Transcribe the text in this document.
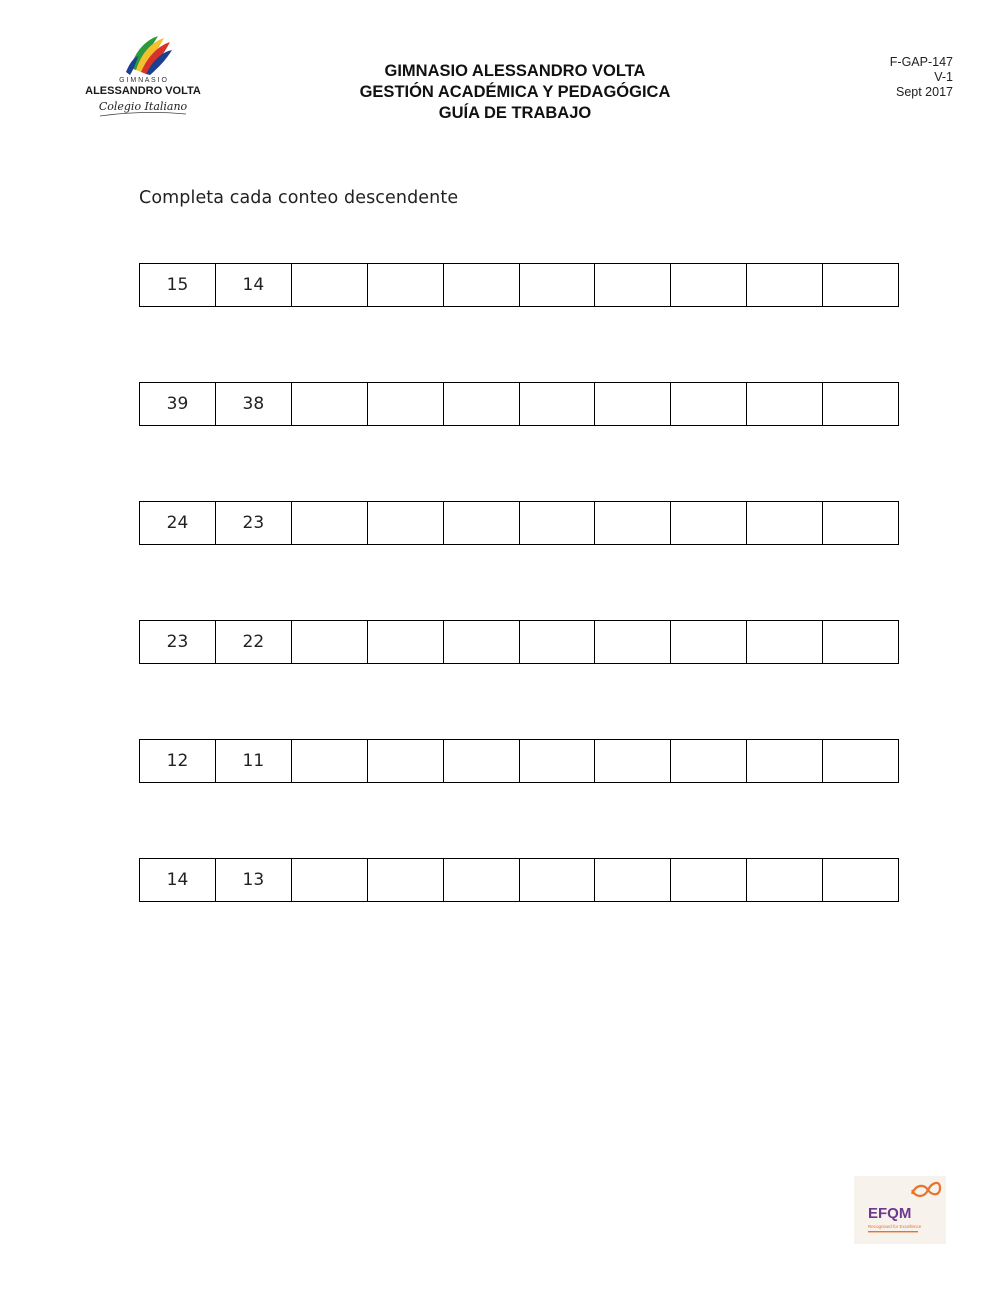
G I M N A S I O
ALESSANDRO VOLTA
Colegio Italiano
GIMNASIO ALESSANDRO VOLTA
GESTIÓN ACADÉMICA Y PEDAGÓGICA
GUÍA DE TRABAJO
F-GAP-147
V-1
Sept 2017
Completa cada conteo descendente
15	14
39	38
24	23
23	22
12	11
14	13
EFQM
Recognised for Excellence
